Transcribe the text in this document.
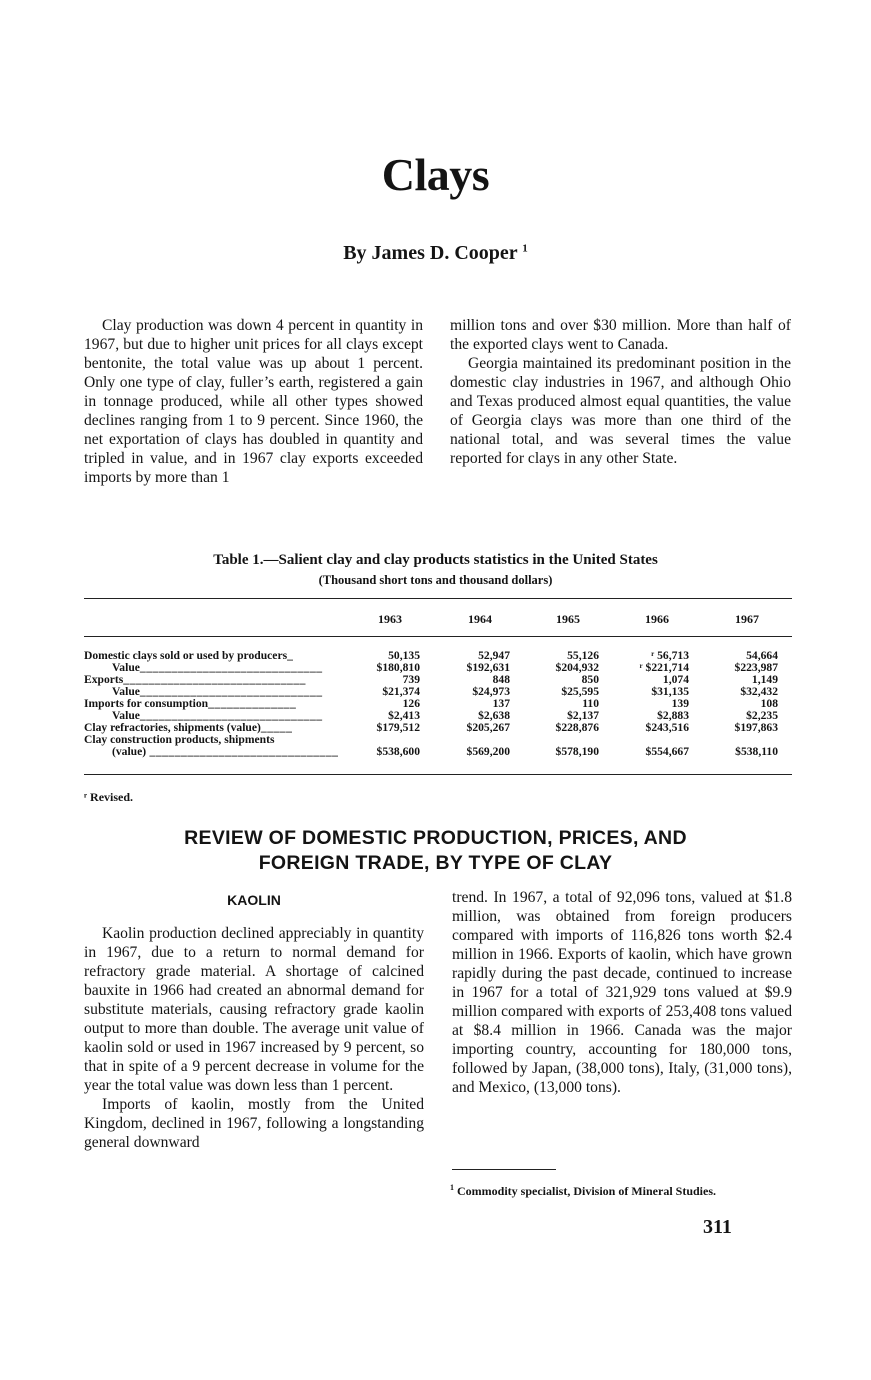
Clays
By James D. Cooper $^1$

Clay production was down 4 percent in quantity in 1967, but due to higher unit prices for all clays except bentonite, the total value was up about 1 percent. Only one type of clay, fuller’s earth, registered a gain in tonnage produced, while all other types showed declines ranging from 1 to 9 percent. Since 1960, the net exportation of clays has doubled in quantity and tripled in value, and in 1967 clay exports exceeded imports by more than 1

million tons and over $30 million. More than half of the exported clays went to Canada.

Georgia maintained its predominant position in the domestic clay industries in 1967, and although Ohio and Texas produced almost equal quantities, the value of Georgia clays was more than one third of the national total, and was several times the value reported for clays in any other State.

Table 1.—Salient clay and clay products statistics in the United States
(Thousand short tons and thousand dollars)
1963	1964	1965	1966	1967
Domestic clays sold or used by producers_	50,135	52,947	55,126	ʳ 56,713	54,664
Value_____________________________	$180,810	$192,631	$204,932	ʳ $221,714	$223,987
Exports_____________________________	739	848	850	1,074	1,149
Value_____________________________	$21,374	$24,973	$25,595	$31,135	$32,432
Imports for consumption______________	126	137	110	139	108
Value_____________________________	$2,413	$2,638	$2,137	$2,883	$2,235
Clay refractories, shipments (value)_____	$179,512	$205,267	$228,876	$243,516	$197,863
Clay construction products, shipments
(value) ______________________________	$538,600	$569,200	$578,190	$554,667	$538,110
ʳ Revised.
REVIEW OF DOMESTIC PRODUCTION, PRICES, AND
FOREIGN TRADE, BY TYPE OF CLAY
KAOLIN

Kaolin production declined appreciably in quantity in 1967, due to a return to normal demand for refractory grade material. A shortage of calcined bauxite in 1966 had created an abnormal demand for substitute materials, causing refractory grade kaolin output to more than double. The average unit value of kaolin sold or used in 1967 increased by 9 percent, so that in spite of a 9 percent decrease in volume for the year the total value was down less than 1 percent.

Imports of kaolin, mostly from the United Kingdom, declined in 1967, following a longstanding general downward

trend. In 1967, a total of 92,096 tons, valued at $1.8 million, was obtained from foreign producers compared with imports of 116,826 tons worth $2.4 million in 1966. Exports of kaolin, which have grown rapidly during the past decade, continued to increase in 1967 for a total of 321,929 tons valued at $9.9 million compared with exports of 253,408 tons valued at $8.4 million in 1966. Canada was the major importing country, accounting for 180,000 tons, followed by Japan, (38,000 tons), Italy, (31,000 tons), and Mexico, (13,000 tons).

$^1$ Commodity specialist, Division of Mineral Studies.
311
